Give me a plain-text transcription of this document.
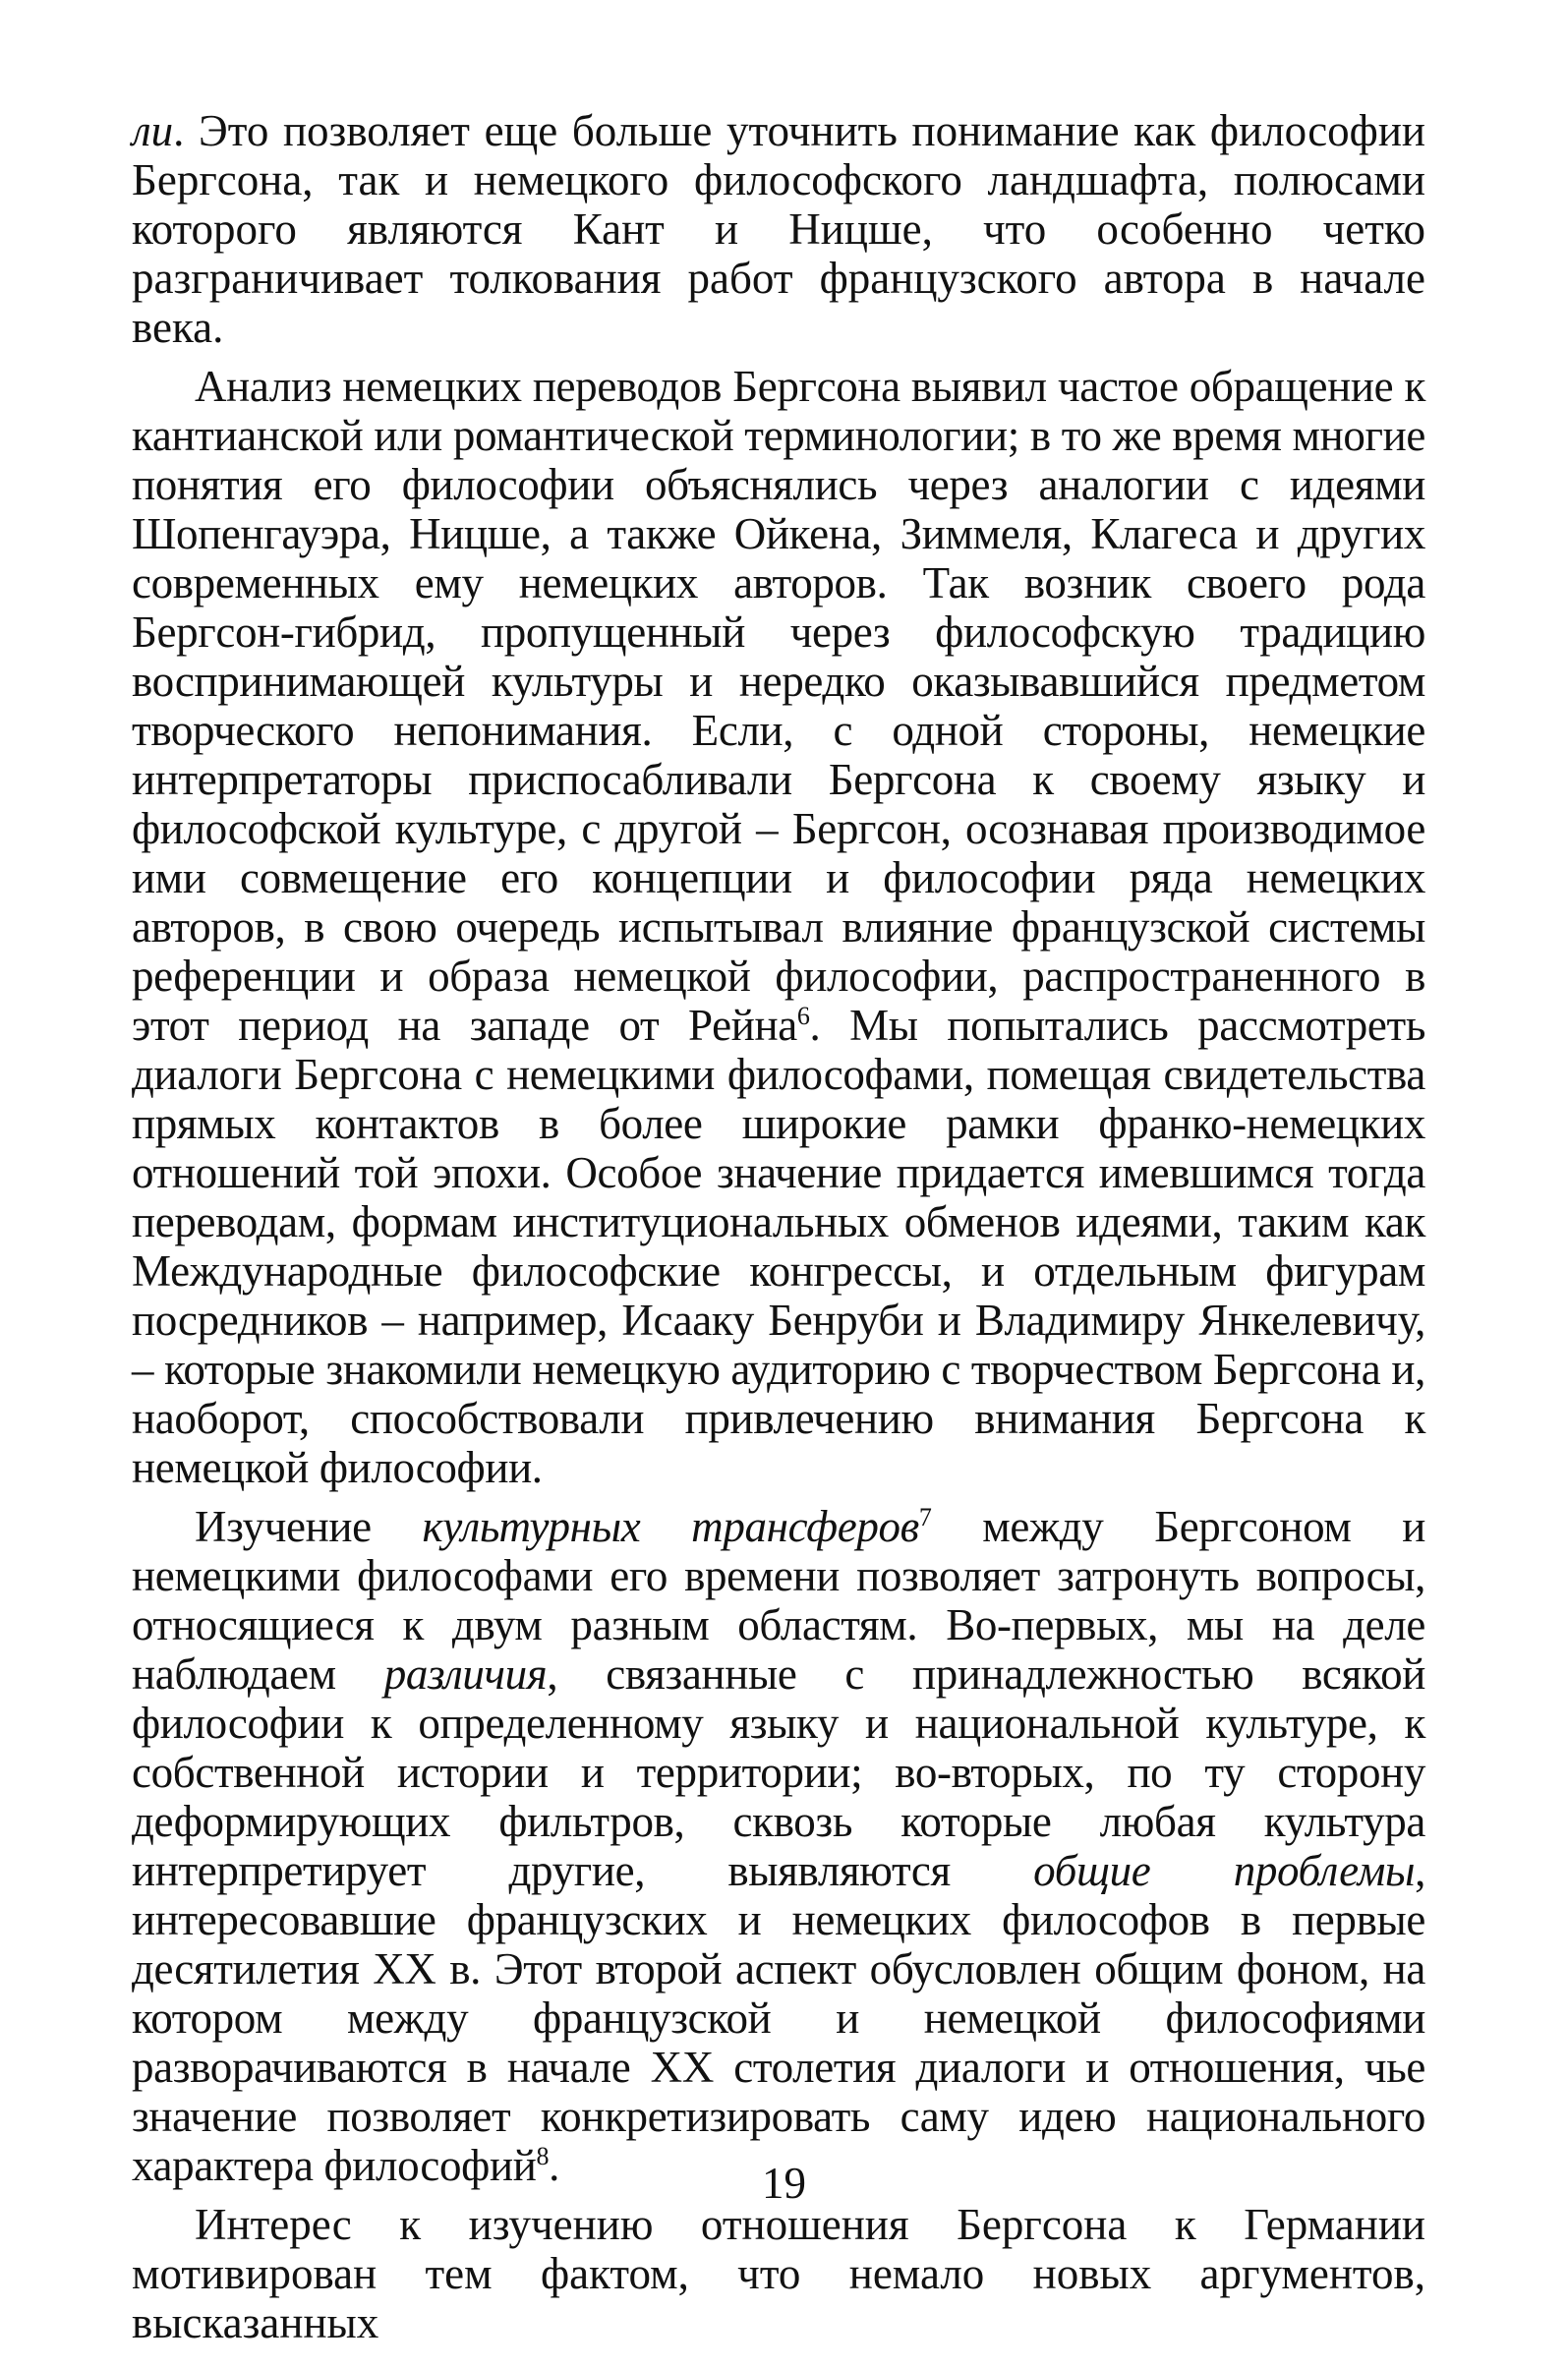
ли. Это позволяет еще больше уточнить понимание как философии Бергсона, так и немецкого философского ландшафта, полюсами которого являются Кант и Ницше, что особенно четко разграничивает толкования работ французского автора в начале века.

Анализ немецких переводов Бергсона выявил частое обращение к кантианской или романтической терминологии; в то же время многие понятия его философии объяснялись через аналогии с идеями Шопенгауэра, Ницше, а также Ойкена, Зиммеля, Клагеса и других современных ему немецких авторов. Так возник своего рода Бергсон-гибрид, пропущенный через философскую традицию воспринимающей культуры и нередко оказывавшийся предметом творческого непонимания. Если, с одной стороны, немецкие интерпретаторы приспосабливали Бергсона к своему языку и философской культуре, с другой – Бергсон, осознавая производимое ими совмещение его концепции и философии ряда немецких авторов, в свою очередь испытывал влияние французской системы референции и образа немецкой философии, распространенного в этот период на западе от Рейна$^6$. Мы попытались рассмотреть диалоги Бергсона с немецкими философами, помещая свидетельства прямых контактов в более широкие рамки франко-немецких отношений той эпохи. Особое значение придается имевшимся тогда переводам, формам институциональных обменов идеями, таким как Международные философские конгрессы, и отдельным фигурам посредников – например, Исааку Бенруби и Владимиру Янкелевичу, – которые знакомили немецкую аудиторию с творчеством Бергсона и, наоборот, способствовали привлечению внимания Бергсона к немецкой философии.

Изучение культурных трансферов$^7$ между Бергсоном и немецкими философами его времени позволяет затронуть вопросы, относящиеся к двум разным областям. Во-первых, мы на деле наблюдаем различия, связанные с принадлежностью всякой философии к определенному языку и национальной культуре, к собственной истории и территории; во-вторых, по ту сторону деформирующих фильтров, сквозь которые любая культура интерпретирует другие, выявляются общие проблемы, интересовавшие французских и немецких философов в первые десятилетия XX в. Этот второй аспект обусловлен общим фоном, на котором между французской и немецкой философиями разворачиваются в начале XX столетия диалоги и отношения, чье значение позволяет конкретизировать саму идею национального характера философий$^8$.

Интерес к изучению отношения Бергсона к Германии мотивирован тем фактом, что немало новых аргументов, высказанных

19
